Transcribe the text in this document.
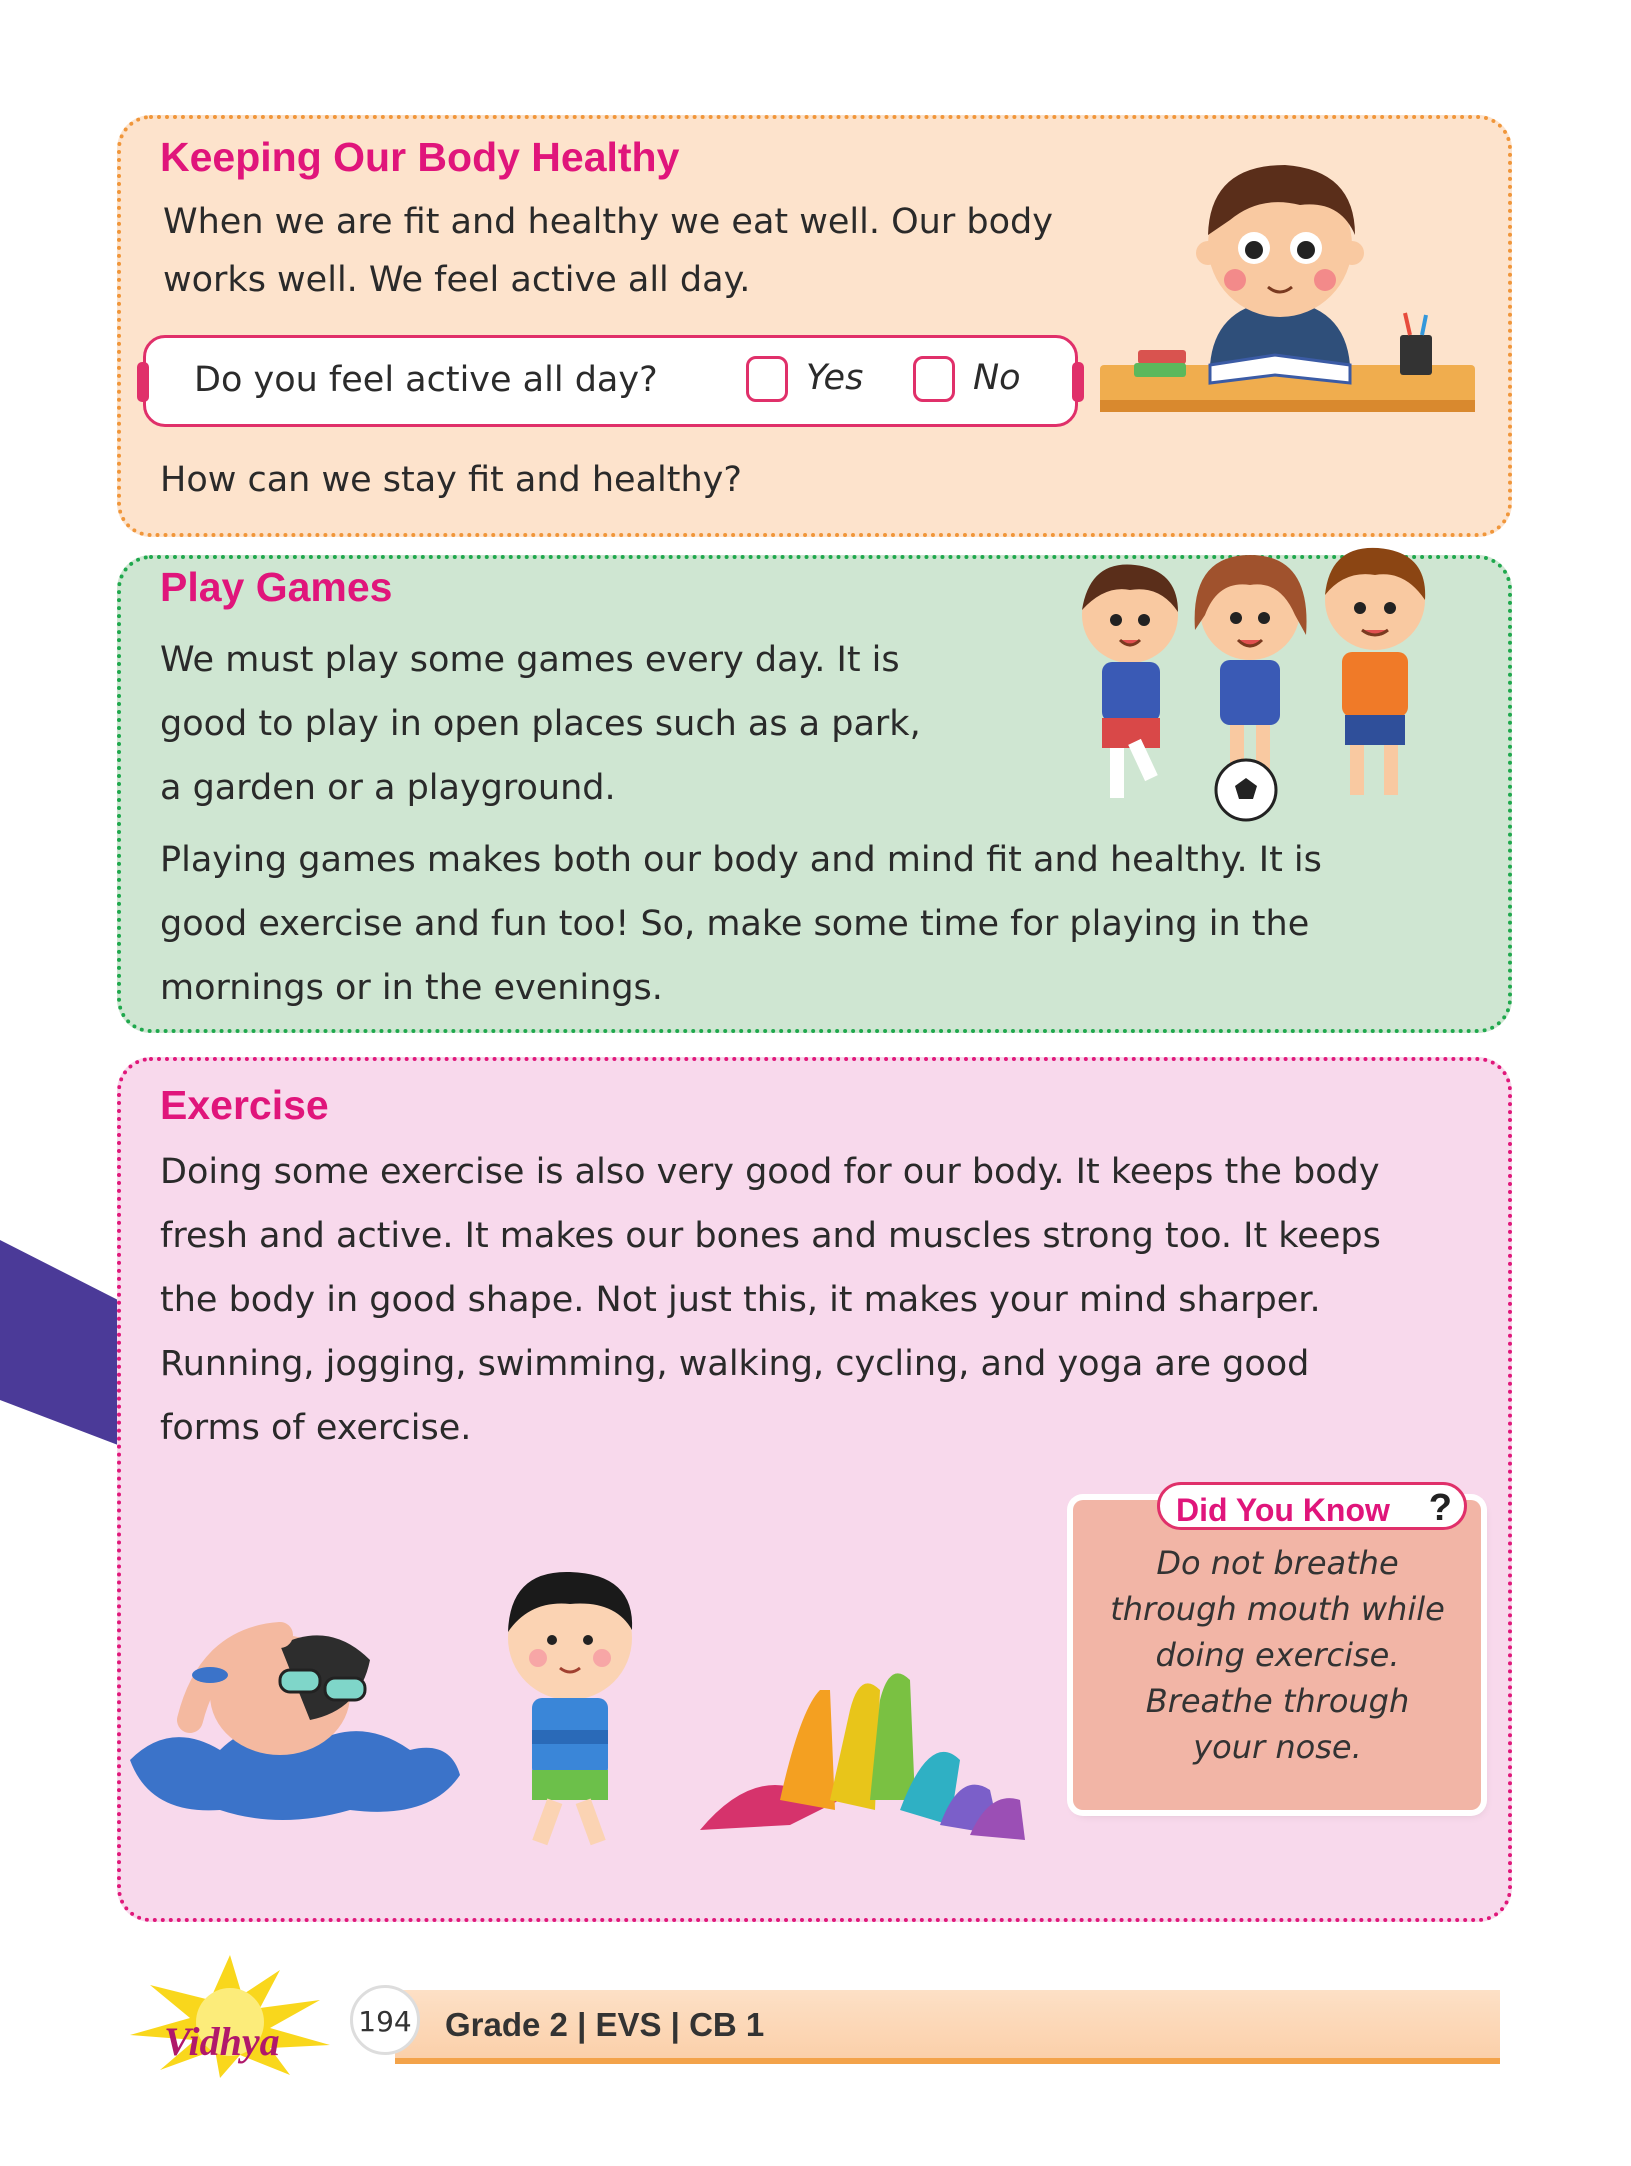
Keeping Our Body Healthy

When we are fit and healthy we eat well. Our body
works well. We feel active all day.

Do you feel active all day?	Yes	No

How can we stay fit and healthy?

Play Games

We must play some games every day. It is
good to play in open places such as a park,
a garden or a playground.

Playing games makes both our body and mind fit and healthy. It is
good exercise and fun too! So, make some time for playing in the
mornings or in the evenings.

Exercise

Doing some exercise is also very good for our body. It keeps the body
fresh and active. It makes our bones and muscles strong too. It keeps
the body in good shape. Not just this, it makes your mind sharper.
Running, jogging, swimming, walking, cycling, and yoga are good
forms of exercise.

Did You Know ?

Do not breathe
through mouth while
doing exercise.
Breathe through
your nose.

Vidhya	194 Grade 2 | EVS | CB 1
